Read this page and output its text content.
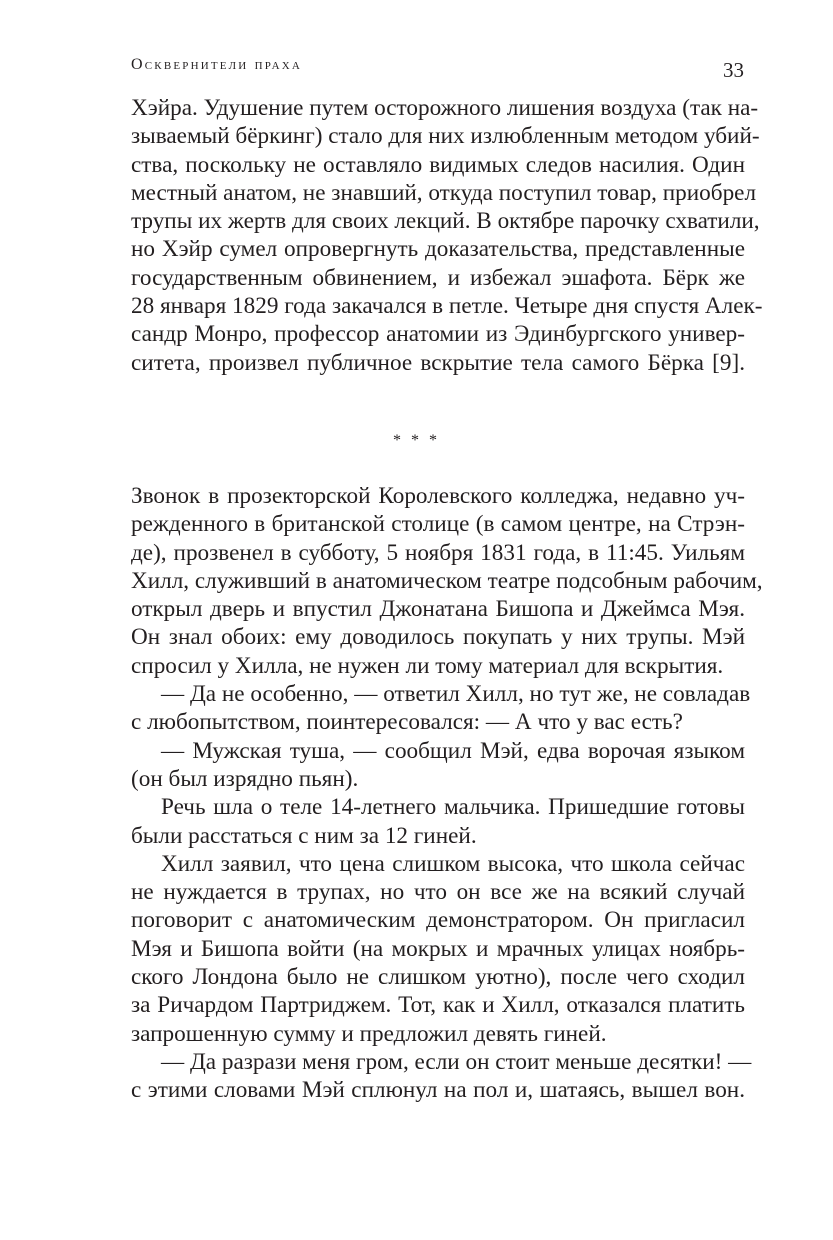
Осквернители праха	33
Хэйра. Удушение путем осторожного лишения воздуха (так на-
зываемый бёркинг) стало для них излюбленным методом убий-
ства, поскольку не оставляло видимых следов насилия. Один
местный анатом, не знавший, откуда поступил товар, приобрел
трупы их жертв для своих лекций. В октябре парочку схватили,
но Хэйр сумел опровергнуть доказательства, представленные
государственным обвинением, и избежал эшафота. Бёрк же
28 января 1829 года закачался в петле. Четыре дня спустя Алек-
сандр Монро, профессор анатомии из Эдинбургского универ-
ситета, произвел публичное вскрытие тела самого Бёрка [9].
* * *
Звонок в прозекторской Королевского колледжа, недавно уч-
режденного в британской столице (в самом центре, на Стрэн-
де), прозвенел в субботу, 5 ноября 1831 года, в 11:45. Уильям
Хилл, служивший в анатомическом театре подсобным рабочим,
открыл дверь и впустил Джонатана Бишопа и Джеймса Мэя.
Он знал обоих: ему доводилось покупать у них трупы. Мэй
спросил у Хилла, не нужен ли тому материал для вскрытия.
— Да не особенно, — ответил Хилл, но тут же, не совладав
с любопытством, поинтересовался: — А что у вас есть?
— Мужская туша, — сообщил Мэй, едва ворочая языком
(он был изрядно пьян).
Речь шла о теле 14-летнего мальчика. Пришедшие готовы
были расстаться с ним за 12 гиней.
Хилл заявил, что цена слишком высока, что школа сейчас
не нуждается в трупах, но что он все же на всякий случай
поговорит с анатомическим демонстратором. Он пригласил
Мэя и Бишопа войти (на мокрых и мрачных улицах ноябрь-
ского Лондона было не слишком уютно), после чего сходил
за Ричардом Партриджем. Тот, как и Хилл, отказался платить
запрошенную сумму и предложил девять гиней.
— Да разрази меня гром, если он стоит меньше десятки! —
с этими словами Мэй сплюнул на пол и, шатаясь, вышел вон.
